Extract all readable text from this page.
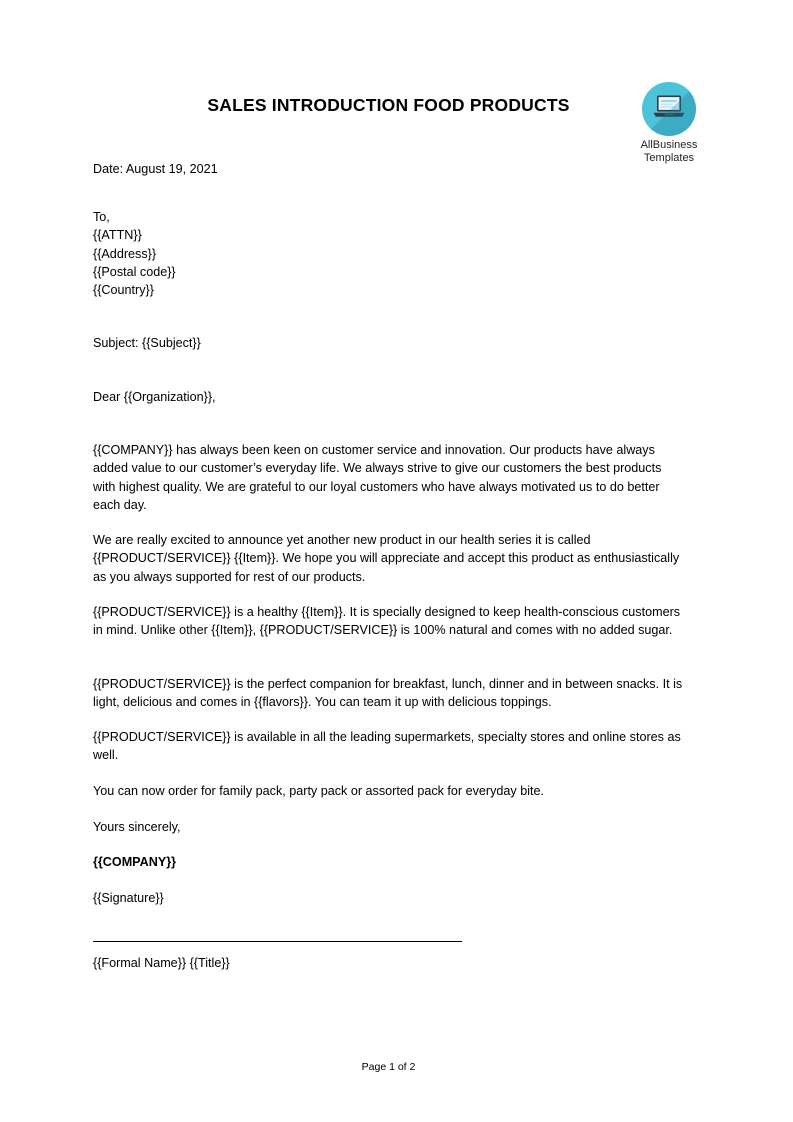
SALES INTRODUCTION FOOD PRODUCTS
AllBusiness
Templates
Date: August 19, 2021
To,
{{ATTN}}
{{Address}}
{{Postal code}}
{{Country}}
Subject: {{Subject}}
Dear {{Organization}},
{{COMPANY}} has always been keen on customer service and innovation. Our products have always added value to our customer’s everyday life. We always strive to give our customers the best products with highest quality. We are grateful to our loyal customers who have always motivated us to do better each day.
We are really excited to announce yet another new product in our health series it is called {{PRODUCT/SERVICE}} {{Item}}. We hope you will appreciate and accept this product as enthusiastically as you always supported for rest of our products.
{{PRODUCT/SERVICE}} is a healthy {{Item}}. It is specially designed to keep health-conscious customers in mind. Unlike other {{Item}}, {{PRODUCT/SERVICE}} is 100% natural and comes with no added sugar.
{{PRODUCT/SERVICE}} is the perfect companion for breakfast, lunch, dinner and in between snacks. It is light, delicious and comes in {{flavors}}. You can team it up with delicious toppings.
{{PRODUCT/SERVICE}} is available in all the leading supermarkets, specialty stores and online stores as well.
You can now order for family pack, party pack or assorted pack for everyday bite.
Yours sincerely,
{{COMPANY}}
{{Signature}}
{{Formal Name}} {{Title}}
Page 1 of 2
